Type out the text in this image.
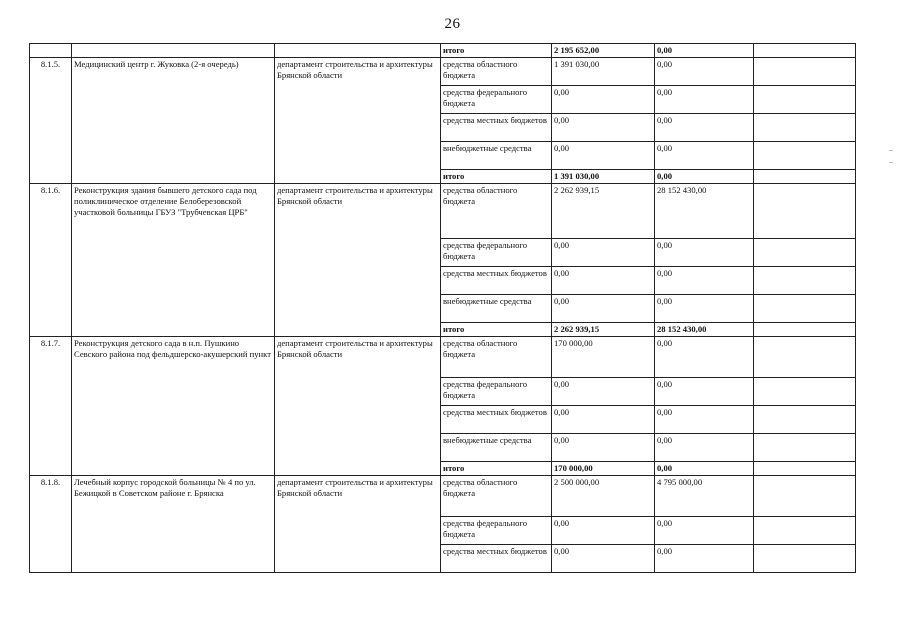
26
			итого	2 195 652,00	0,00	
8.1.5.	Медицинский центр г. Жуковка (2-я очередь)	департамент строительства и архитектуры Брянской области	средства областного бюджета	1 391 030,00	0,00	
			средства федерального бюджета	0,00	0,00	
			средства местных бюджетов	0,00	0,00	
			внебюджетные средства	0,00	0,00	
			итого	1 391 030,00	0,00	
8.1.6.	Реконструкция здания бывшего детского сада под поликлиническое отделение Белоберезовской участковой больницы ГБУЗ "Трубчевская ЦРБ"	департамент строительства и архитектуры Брянской области	средства областного бюджета	2 262 939,15	28 152 430,00	
			средства федерального бюджета	0,00	0,00	
			средства местных бюджетов	0,00	0,00	
			внебюджетные средства	0,00	0,00	
			итого	2 262 939,15	28 152 430,00	
8.1.7.	Реконструкция детского сада в н.п. Пушкино Севского района под фельдшерско-акушерский пункт	департамент строительства и архитектуры Брянской области	средства областного бюджета	170 000,00	0,00	
			средства федерального бюджета	0,00	0,00	
			средства местных бюджетов	0,00	0,00	
			внебюджетные средства	0,00	0,00	
			итого	170 000,00	0,00	
8.1.8.	Лечебный корпус городской больницы № 4 по ул. Бежицкой в Советском районе г. Брянска	департамент строительства и архитектуры Брянской области	средства областного бюджета	2 500 000,00	4 795 000,00	
			средства федерального бюджета	0,00	0,00	
			средства местных бюджетов	0,00	0,00	
